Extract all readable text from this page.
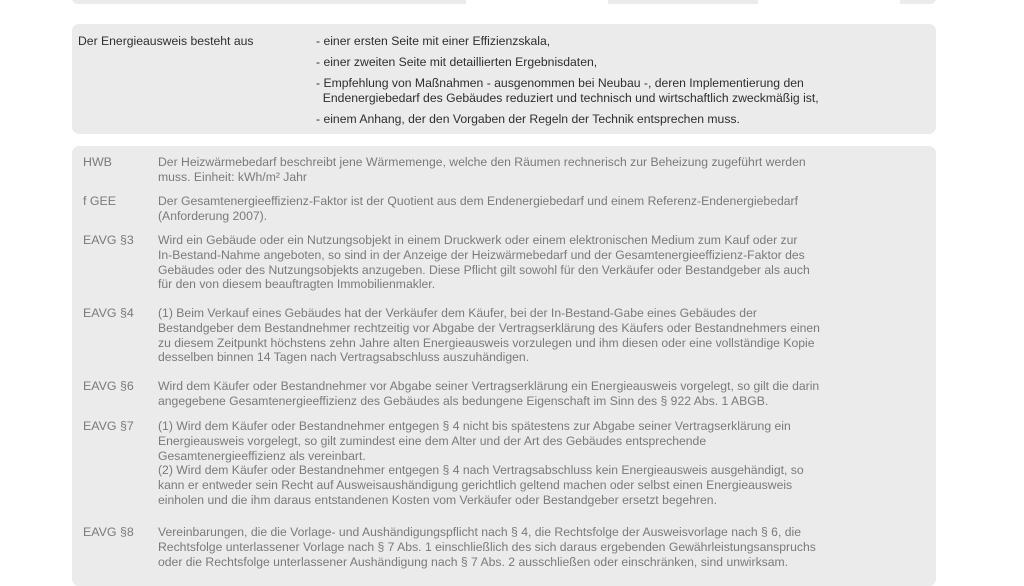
Der Energieausweis besteht aus	- einer ersten Seite mit einer Effizienzskala,
- einer zweiten Seite mit detaillierten Ergebnisdaten,
- Empfehlung von Maßnahmen - ausgenommen bei Neubau -, deren Implementierung den
Endenergiebedarf des Gebäudes reduziert und technisch und wirtschaftlich zweckmäßig ist,
- einem Anhang, der den Vorgaben der Regeln der Technik entsprechen muss.
HWB	Der Heizwärmebedarf beschreibt jene Wärmemenge, welche den Räumen rechnerisch zur Beheizung zugeführt werden
muss. Einheit: kWh/m² Jahr
f GEE	Der Gesamtenergieeffizienz-Faktor ist der Quotient aus dem Endenergiebedarf und einem Referenz-Endenergiebedarf
(Anforderung 2007).
EAVG §3	Wird ein Gebäude oder ein Nutzungsobjekt in einem Druckwerk oder einem elektronischen Medium zum Kauf oder zur
In-Bestand-Nahme angeboten, so sind in der Anzeige der Heizwärmebedarf und der Gesamtenergieeffizienz-Faktor des
Gebäudes oder des Nutzungsobjekts anzugeben. Diese Pflicht gilt sowohl für den Verkäufer oder Bestandgeber als auch
für den von diesem beauftragten Immobilienmakler.
EAVG §4	(1) Beim Verkauf eines Gebäudes hat der Verkäufer dem Käufer, bei der In-Bestand-Gabe eines Gebäudes der
Bestandgeber dem Bestandnehmer rechtzeitig vor Abgabe der Vertragserklärung des Käufers oder Bestandnehmers einen
zu diesem Zeitpunkt höchstens zehn Jahre alten Energieausweis vorzulegen und ihm diesen oder eine vollständige Kopie
desselben binnen 14 Tagen nach Vertragsabschluss auszuhändigen.
EAVG §6	Wird dem Käufer oder Bestandnehmer vor Abgabe seiner Vertragserklärung ein Energieausweis vorgelegt, so gilt die darin
angegebene Gesamtenergieeffizienz des Gebäudes als bedungene Eigenschaft im Sinn des § 922 Abs. 1 ABGB.
EAVG §7	(1) Wird dem Käufer oder Bestandnehmer entgegen § 4 nicht bis spätestens zur Abgabe seiner Vertragserklärung ein
Energieausweis vorgelegt, so gilt zumindest eine dem Alter und der Art des Gebäudes entsprechende
Gesamtenergieeffizienz als vereinbart.
(2) Wird dem Käufer oder Bestandnehmer entgegen § 4 nach Vertragsabschluss kein Energieausweis ausgehändigt, so
kann er entweder sein Recht auf Ausweisaushändigung gerichtlich geltend machen oder selbst einen Energieausweis
einholen und die ihm daraus entstandenen Kosten vom Verkäufer oder Bestandgeber ersetzt begehren.
EAVG §8	Vereinbarungen, die die Vorlage- und Aushändigungspflicht nach § 4, die Rechtsfolge der Ausweisvorlage nach § 6, die
Rechtsfolge unterlassener Vorlage nach § 7 Abs. 1 einschließlich des sich daraus ergebenden Gewährleistungsanspruchs
oder die Rechtsfolge unterlassener Aushändigung nach § 7 Abs. 2 ausschließen oder einschränken, sind unwirksam.
